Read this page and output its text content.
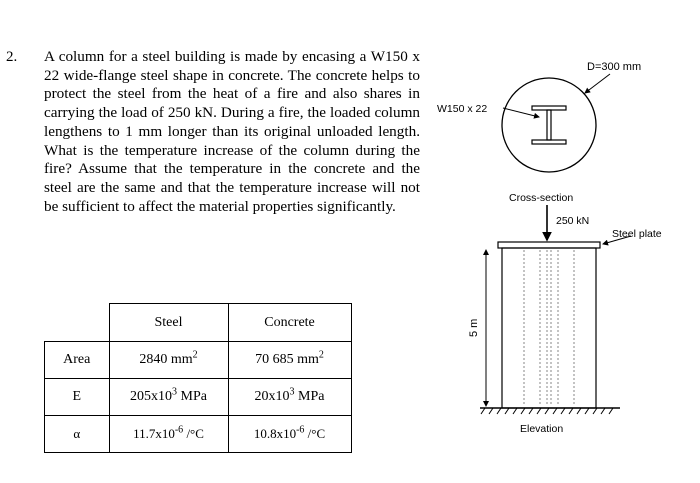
2. A column for a steel building is made by encasing a W150 x 22 wide-flange steel shape in concrete. The concrete helps to protect the steel from the heat of a fire and also shares in carrying the load of 250 kN. During a fire, the loaded column lengthens to 1 mm longer than its original unloaded length. What is the temperature increase of the column during the fire? Assume that the temperature in the concrete and the steel are the same and that the temperature increase will not be sufficient to affect the material properties significantly.

	Steel	Concrete
Area	2840 $mm^2$	70 685 $mm^2$
E	$205x10^3$ MPa	$20x10^3$ MPa
α	$11.7x10^{-6}$ /°C	$10.8x10^{-6}$ /°C
D=300 mm
W150 x 22
Cross-section
250 kN
Steel plate
5 m
Elevation
